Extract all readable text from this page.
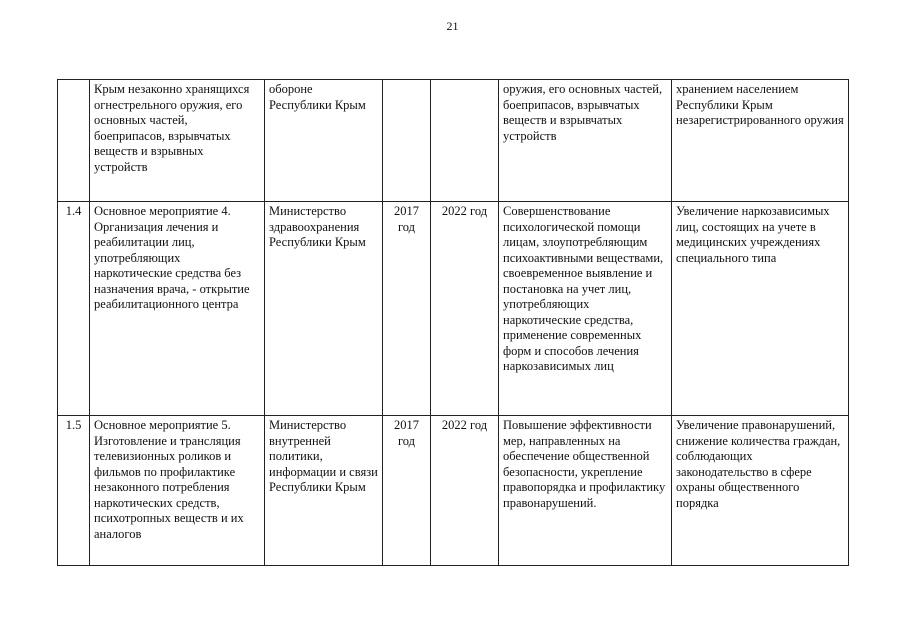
21
	Крым незаконно хранящихся огнестрельного оружия, его основных частей, боеприпасов, взрывчатых веществ и взрывных устройств	обороне Республики Крым			оружия, его основных частей, боеприпасов, взрывчатых веществ и взрывчатых устройств	хранением населением Республики Крым незарегистрированного оружия
1.4	Основное мероприятие 4. Организация лечения и реабилитации лиц, употребляющих наркотические средства без назначения врача, - открытие реабилитационного центра	Министерство здравоохранения Республики Крым	2017 год	2022 год	Совершенствование психологической помощи лицам, злоупотребляющим психоактивными веществами, своевременное выявление и постановка на учет лиц, употребляющих наркотические средства, применение современных форм и способов лечения наркозависимых лиц	Увеличение наркозависимых лиц, состоящих на учете в медицинских учреждениях специального типа
1.5	Основное мероприятие 5. Изготовление и трансляция телевизионных роликов и фильмов по профилактике незаконного потребления наркотических средств, психотропных веществ и их аналогов	Министерство внутренней политики, информации и связи Республики Крым	2017 год	2022 год	Повышение эффективности мер, направленных на обеспечение общественной безопасности, укрепление правопорядка и профилактику правонарушений.	Увеличение правонарушений, снижение количества граждан, соблюдающих законодательство в сфере охраны общественного порядка
